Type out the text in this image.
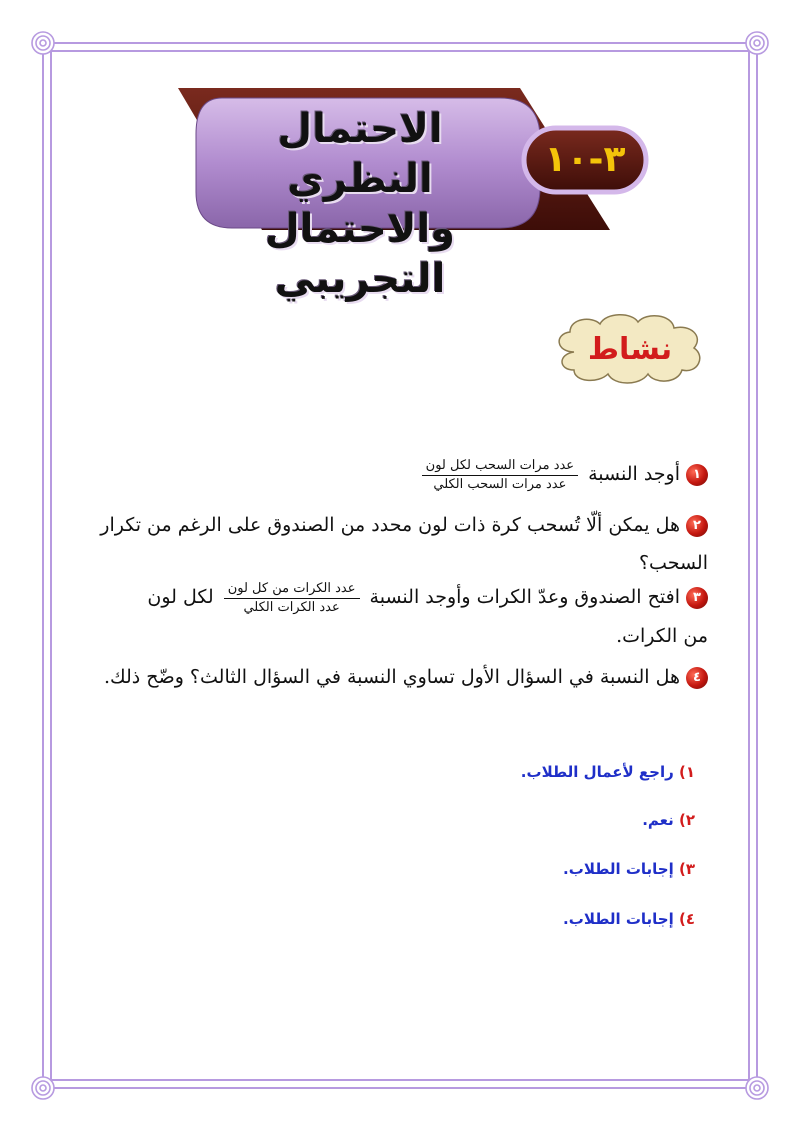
الاحتمال النظري
والاحتمال التجريبي
٣-١٠
نشاط
١أوجد النسبة
$\frac{\text{عدد مرات السحب لكل لون}}{\text{عدد مرات السحب الكلي}}$
٢هل يمكن ألّا تُسحب كرة ذات لون محدد من الصندوق على الرغم من تكرار
السحب؟
٣افتح الصندوق وعدّ الكرات وأوجد النسبة
$\frac{\text{عدد الكرات من كل لون}}{\text{عدد الكرات الكلي}}$
لكل لون
من الكرات.
٤هل النسبة في السؤال الأول تساوي النسبة في السؤال الثالث؟ وضّح ذلك.
١) راجع لأعمال الطلاب.
٢) نعم.
٣) إجابات الطلاب.
٤) إجابات الطلاب.
